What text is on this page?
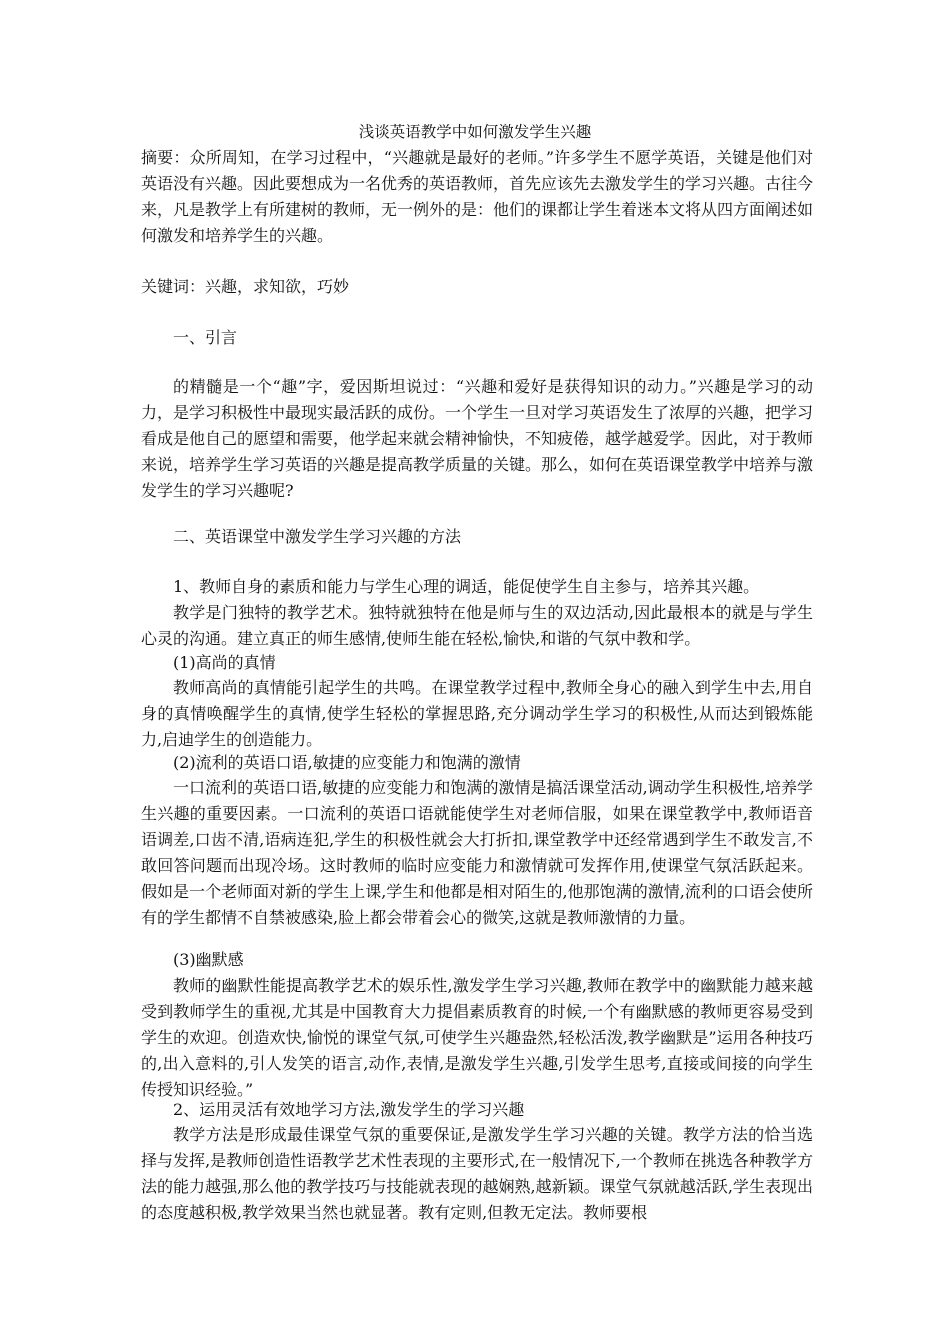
浅谈英语教学中如何激发学生兴趣
摘要：众所周知，在学习过程中，“兴趣就是最好的老师。”许多学生不愿学英语，关键是他们对英语没有兴趣。因此要想成为一名优秀的英语教师，首先应该先去激发学生的学习兴趣。古往今来，凡是教学上有所建树的教师，无一例外的是：他们的课都让学生着迷本文将从四方面阐述如何激发和培养学生的兴趣。
关键词：兴趣，求知欲，巧妙
一、引言
的精髓是一个“趣”字，爱因斯坦说过：“兴趣和爱好是获得知识的动力。”兴趣是学习的动力，是学习积极性中最现实最活跃的成份。一个学生一旦对学习英语发生了浓厚的兴趣，把学习看成是他自己的愿望和需要，他学起来就会精神愉快，不知疲倦，越学越爱学。因此，对于教师来说，培养学生学习英语的兴趣是提高教学质量的关键。那么，如何在英语课堂教学中培养与激发学生的学习兴趣呢?
二、英语课堂中激发学生学习兴趣的方法
1、教师自身的素质和能力与学生心理的调适，能促使学生自主参与，培养其兴趣。
教学是门独特的教学艺术。独特就独特在他是师与生的双边活动,因此最根本的就是与学生心灵的沟通。建立真正的师生感情,使师生能在轻松,愉快,和谐的气氛中教和学。
(1)高尚的真情
教师高尚的真情能引起学生的共鸣。在课堂教学过程中,教师全身心的融入到学生中去,用自身的真情唤醒学生的真情,使学生轻松的掌握思路,充分调动学生学习的积极性,从而达到锻炼能力,启迪学生的创造能力。
(2)流利的英语口语,敏捷的应变能力和饱满的激情
一口流利的英语口语,敏捷的应变能力和饱满的激情是搞活课堂活动,调动学生积极性,培养学生兴趣的重要因素。一口流利的英语口语就能使学生对老师信服，如果在课堂教学中,教师语音语调差,口齿不清,语病连犯,学生的积极性就会大打折扣,课堂教学中还经常遇到学生不敢发言,不敢回答问题而出现冷场。这时教师的临时应变能力和激情就可发挥作用,使课堂气氛活跃起来。假如是一个老师面对新的学生上课,学生和他都是相对陌生的,他那饱满的激情,流利的口语会使所有的学生都情不自禁被感染,脸上都会带着会心的微笑,这就是教师激情的力量。
(3)幽默感
教师的幽默性能提高教学艺术的娱乐性,激发学生学习兴趣,教师在教学中的幽默能力越来越受到教师学生的重视,尤其是中国教育大力提倡素质教育的时候,一个有幽默感的教师更容易受到学生的欢迎。创造欢快,愉悦的课堂气氛,可使学生兴趣盎然,轻松活泼,教学幽默是”运用各种技巧的,出入意料的,引人发笑的语言,动作,表情,是激发学生兴趣,引发学生思考,直接或间接的向学生传授知识经验。”
2、运用灵活有效地学习方法,激发学生的学习兴趣
教学方法是形成最佳课堂气氛的重要保证,是激发学生学习兴趣的关键。教学方法的恰当选择与发挥,是教师创造性语教学艺术性表现的主要形式,在一般情况下,一个教师在挑选各种教学方法的能力越强,那么他的教学技巧与技能就表现的越娴熟,越新颖。课堂气氛就越活跃,学生表现出的态度越积极,教学效果当然也就显著。教有定则,但教无定法。教师要根
